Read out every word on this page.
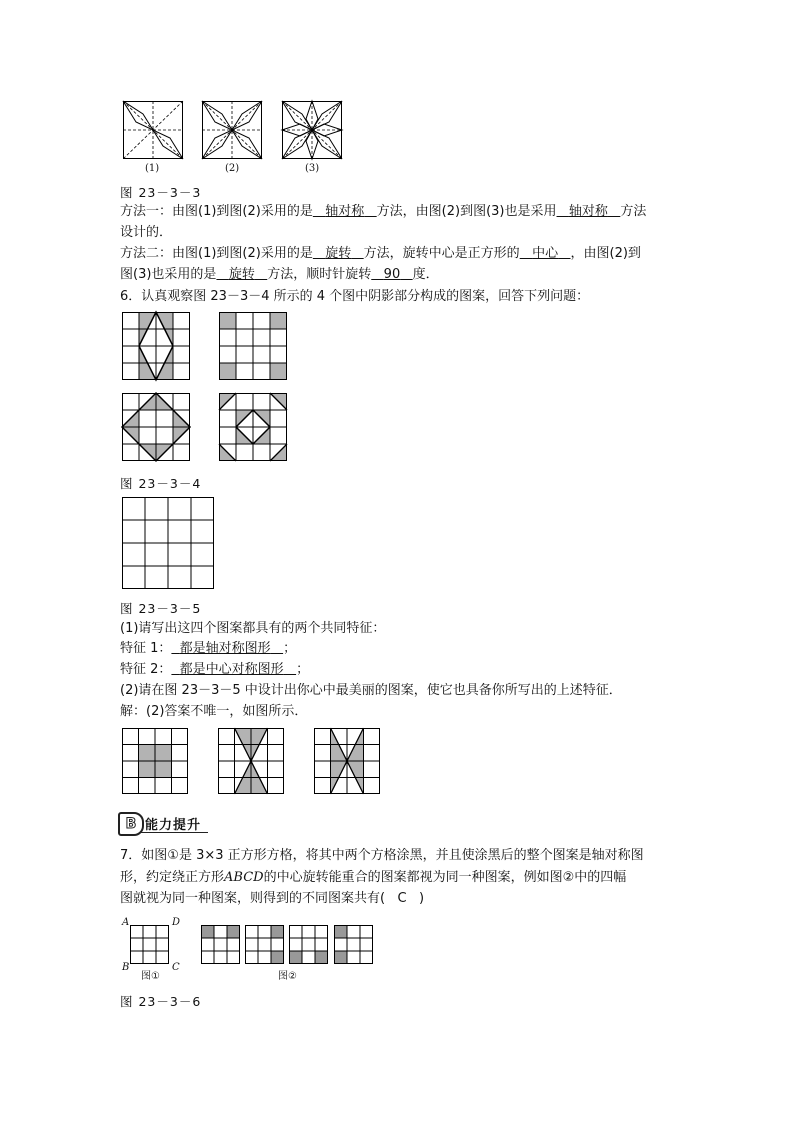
(1)	(2)	(3)
图 23－3－3
方法一：由图(1)到图(2)采用的是 轴对称 方法，由图(2)到图(3)也是采用 轴对称 方法
设计的．
方法二：由图(1)到图(2)采用的是 旋转 方法，旋转中心是正方形的 中心 ，由图(2)到
图(3)也采用的是 旋转 方法，顺时针旋转 90 度．
6．认真观察图 23－3－4 所示的 4 个图中阴影部分构成的图案，回答下列问题：
图 23－3－4
图 23－3－5
(1)请写出这四个图案都具有的两个共同特征：
特征 1： 都是轴对称图形 ；
特征 2： 都是中心对称图形 ；
(2)请在图 23－3－5 中设计出你心中最美丽的图案，使它也具备你所写出的上述特征．
解：(2)答案不唯一，如图所示．
B 能力提升
7．如图①是 3×3 正方形方格，将其中两个方格涂黑，并且使涂黑后的整个图案是轴对称图
形，约定绕正方形ABCD的中心旋转能重合的图案都视为同一种图案，例如图②中的四幅
图就视为同一种图案，则得到的不同图案共有( C )
A	D
B	C
图①	图②
图 23－3－6
